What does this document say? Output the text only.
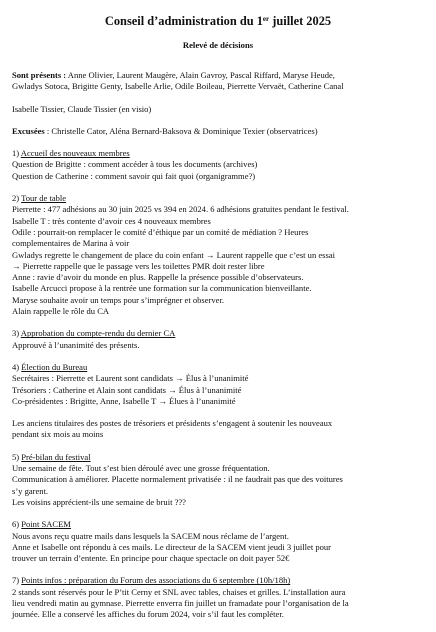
Conseil d’administration du 1er juillet 2025
Relevé de décisions
Sont présents : Anne Olivier, Laurent Maugère, Alain Gavroy, Pascal Riffard, Maryse Heude,
Gwladys Sotoca, Brigitte Genty, Isabelle Arlie, Odile Boileau, Pierrette Vervaët, Catherine Canal
Isabelle Tissier, Claude Tissier (en visio)
Excusées : Christelle Cator, Aléna Bernard-Baksova & Dominique Texier (observatrices)
1) Accueil des nouveaux membres
Question de Brigitte : comment accéder à tous les documents (archives)
Question de Catherine : comment savoir qui fait quoi (organigramme?)
2) Tour de table
Pierrette : 477 adhésions au 30 juin 2025 vs 394 en 2024. 6 adhésions gratuites pendant le festival.
Isabelle T : très contente d’avoir ces 4 nouveaux membres
Odile : pourrait-on remplacer le comité d’éthique par un comité de médiation ? Heures
complementaires de Marina à voir
Gwladys regrette le changement de place du coin enfant → Laurent rappelle que c’est un essai
→ Pierrette rappelle que le passage vers les toilettes PMR doit rester libre
Anne : ravie d’avoir du monde en plus. Rappelle la présence possible d’observateurs.
Isabelle Arcucci propose à la rentrée une formation sur la communication bienveillante.
Maryse souhaite avoir un temps pour s’imprégner et observer.
Alain rappelle le rôle du CA
3) Approbation du compte-rendu du dernier CA
Approuvé à l’unanimité des présents.
4) Élection du Bureau
Secrétaires : Pierrette et Laurent sont candidats → Élus à l’unanimité
Trésoriers : Catherine et Alain sont candidats → Élus à l’unanimité
Co-présidentes : Brigitte, Anne, Isabelle T → Élues à l’unanimité
Les anciens titulaires des postes de trésoriers et présidents s’engagent à soutenir les nouveaux
pendant six mois au moins
5) Pré-bilan du festival
Une semaine de fête. Tout s’est bien déroulé avec une grosse fréquentation.
Communication à améliorer. Placette normalement privatisée : il ne faudrait pas que des voitures
s’y garent.
Les voisins apprécient-ils une semaine de bruit ???
6) Point SACEM
Nous avons reçu quatre mails dans lesquels la SACEM nous réclame de l’argent.
Anne et Isabelle ont répondu à ces mails. Le directeur de la SACEM vient jeudi 3 juillet pour
trouver un terrain d’entente. En principe pour chaque spectacle on doit payer 52€
7) Points infos : préparation du Forum des associations du 6 septembre (10h/18h)
2 stands sont réservés pour le P’tit Cerny et SNL avec tables, chaises et grilles. L’installation aura
lieu vendredi matin au gymnase. Pierrette enverra fin juillet un framadate pour l’organisation de la
journée. Elle a conservé les affiches du forum 2024, voir s’il faut les compléter.
